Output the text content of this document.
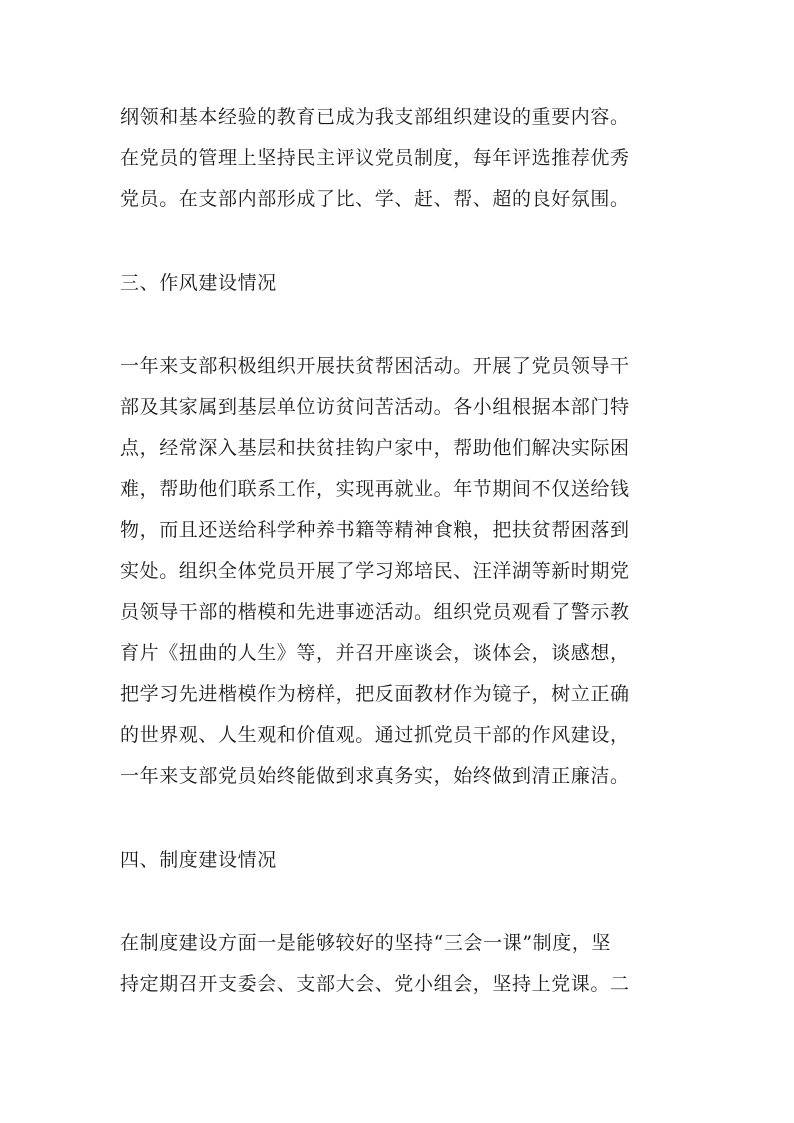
纲领和基本经验的教育已成为我支部组织建设的重要内容。
在党员的管理上坚持民主评议党员制度，每年评选推荐优秀
党员。在支部内部形成了比、学、赶、帮、超的良好氛围。
三、作风建设情况
一年来支部积极组织开展扶贫帮困活动。开展了党员领导干
部及其家属到基层单位访贫问苦活动。各小组根据本部门特
点，经常深入基层和扶贫挂钩户家中，帮助他们解决实际困
难，帮助他们联系工作，实现再就业。年节期间不仅送给钱
物，而且还送给科学种养书籍等精神食粮，把扶贫帮困落到
实处。组织全体党员开展了学习郑培民、汪洋湖等新时期党
员领导干部的楷模和先进事迹活动。组织党员观看了警示教
育片《扭曲的人生》等，并召开座谈会，谈体会，谈感想，
把学习先进楷模作为榜样，把反面教材作为镜子，树立正确
的世界观、人生观和价值观。通过抓党员干部的作风建设，
一年来支部党员始终能做到求真务实，始终做到清正廉洁。
四、制度建设情况
在制度建设方面一是能够较好的坚持“三会一课”制度，坚
持定期召开支委会、支部大会、党小组会，坚持上党课。二
